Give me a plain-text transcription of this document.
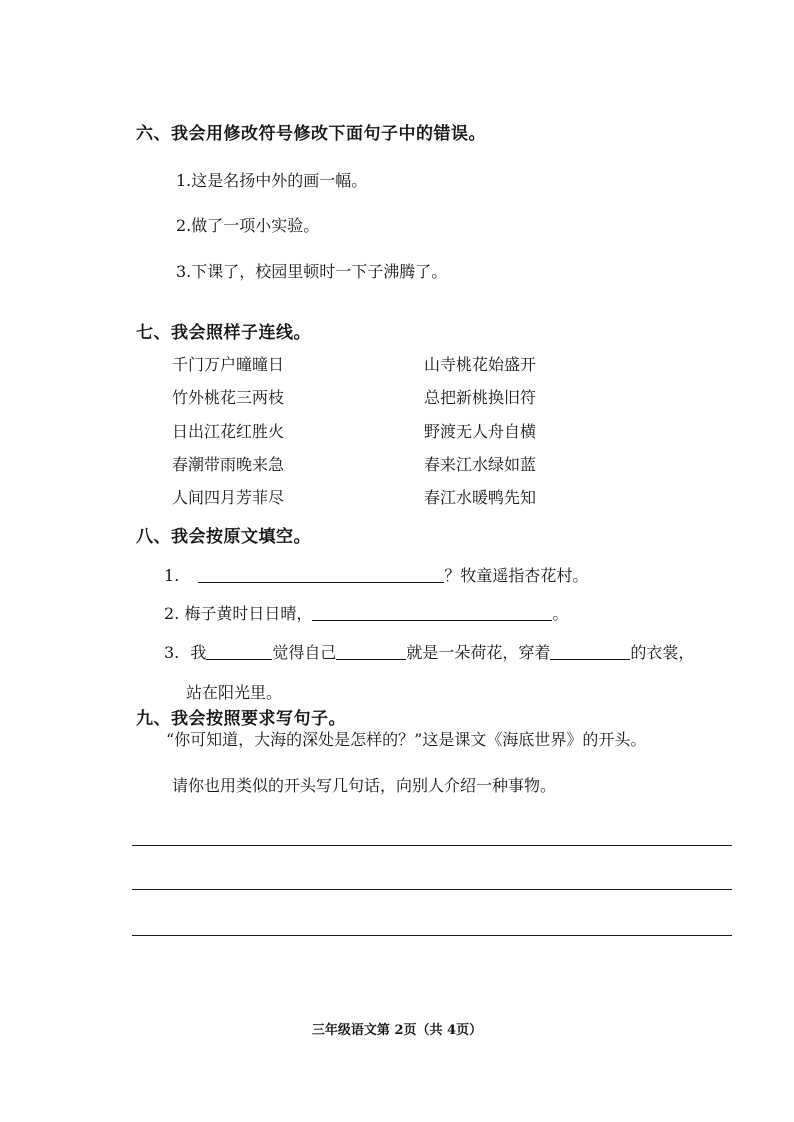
六、我会用修改符号修改下面句子中的错误。
1.这是名扬中外的画一幅。
2.做了一项小实验。
3.下课了，校园里顿时一下子沸腾了。
七、我会照样子连线。
千门万户曈曈日
竹外桃花三两枝
日出江花红胜火
春潮带雨晚来急
人间四月芳菲尽
山寺桃花始盛开
总把新桃换旧符
野渡无人舟自横
春来江水绿如蓝
春江水暖鸭先知
八、我会按原文填空。
1.	？牧童遥指杏花村。
2. 梅子黄时日日晴，	。
3. 我	觉得自己	就是一朵荷花，穿着	的衣裳，
站在阳光里。
九、我会按照要求写句子。
“你可知道，大海的深处是怎样的？”这是课文《海底世界》的开头。
请你也用类似的开头写几句话，向别人介绍一种事物。
三年级语文第 2页（共 4页）
